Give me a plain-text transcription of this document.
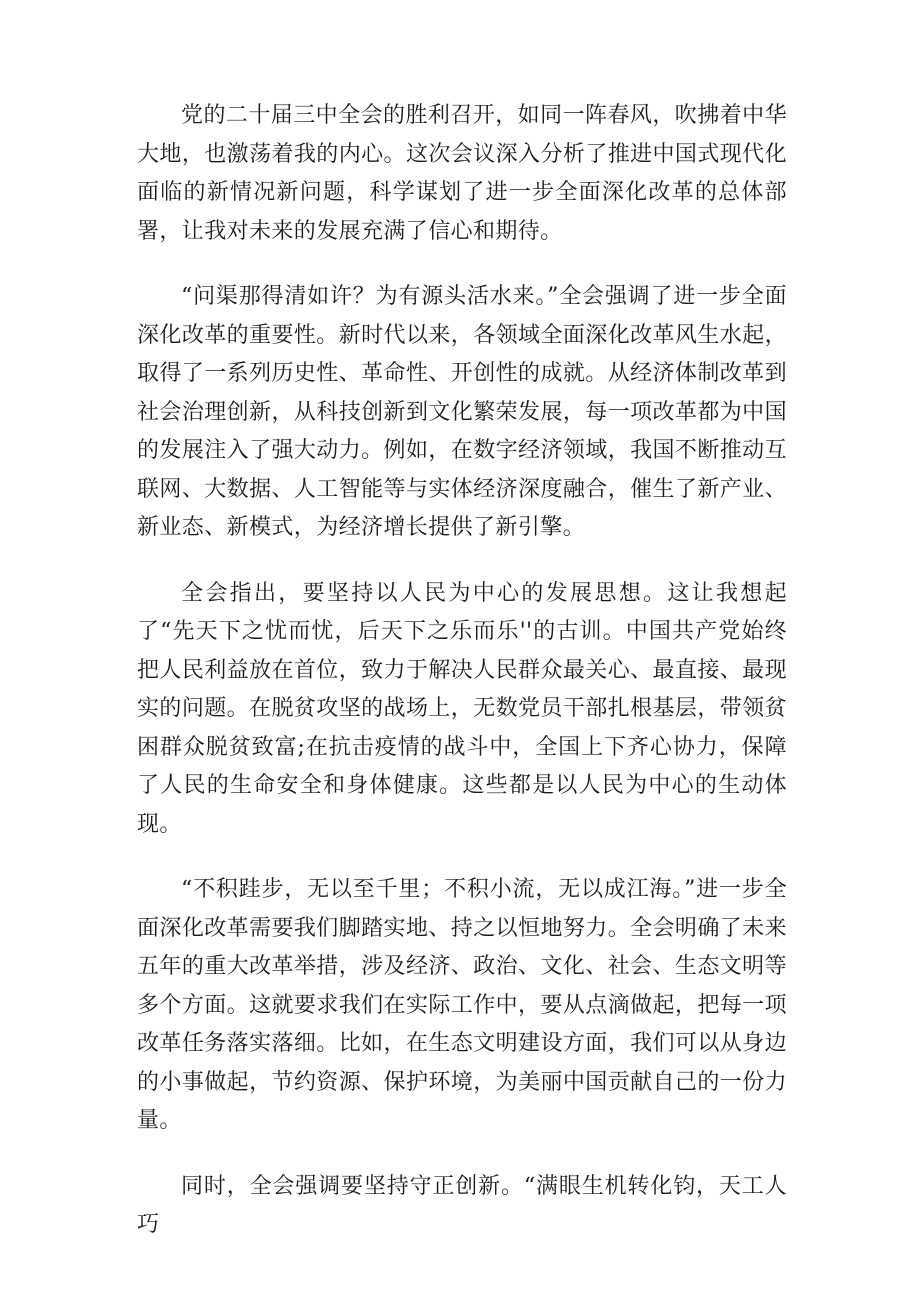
党的二十届三中全会的胜利召开，如同一阵春风，吹拂着中华大地，也激荡着我的内心。这次会议深入分析了推进中国式现代化面临的新情况新问题，科学谋划了进一步全面深化改革的总体部署，让我对未来的发展充满了信心和期待。

“问渠那得清如许？为有源头活水来。”全会强调了进一步全面深化改革的重要性。新时代以来，各领域全面深化改革风生水起，取得了一系列历史性、革命性、开创性的成就。从经济体制改革到社会治理创新，从科技创新到文化繁荣发展，每一项改革都为中国的发展注入了强大动力。例如，在数字经济领域，我国不断推动互联网、大数据、人工智能等与实体经济深度融合，催生了新产业、新业态、新模式，为经济增长提供了新引擎。

全会指出，要坚持以人民为中心的发展思想。这让我想起了“先天下之忧而忧，后天下之乐而乐''的古训。中国共产党始终把人民利益放在首位，致力于解决人民群众最关心、最直接、最现实的问题。在脱贫攻坚的战场上，无数党员干部扎根基层，带领贫困群众脱贫致富;在抗击疫情的战斗中，全国上下齐心协力，保障了人民的生命安全和身体健康。这些都是以人民为中心的生动体现。

“不积跬步，无以至千里；不积小流，无以成江海。”进一步全面深化改革需要我们脚踏实地、持之以恒地努力。全会明确了未来五年的重大改革举措，涉及经济、政治、文化、社会、生态文明等多个方面。这就要求我们在实际工作中，要从点滴做起，把每一项改革任务落实落细。比如，在生态文明建设方面，我们可以从身边的小事做起，节约资源、保护环境，为美丽中国贡献自己的一份力量。

同时，全会强调要坚持守正创新。“满眼生机转化钧，天工人巧
